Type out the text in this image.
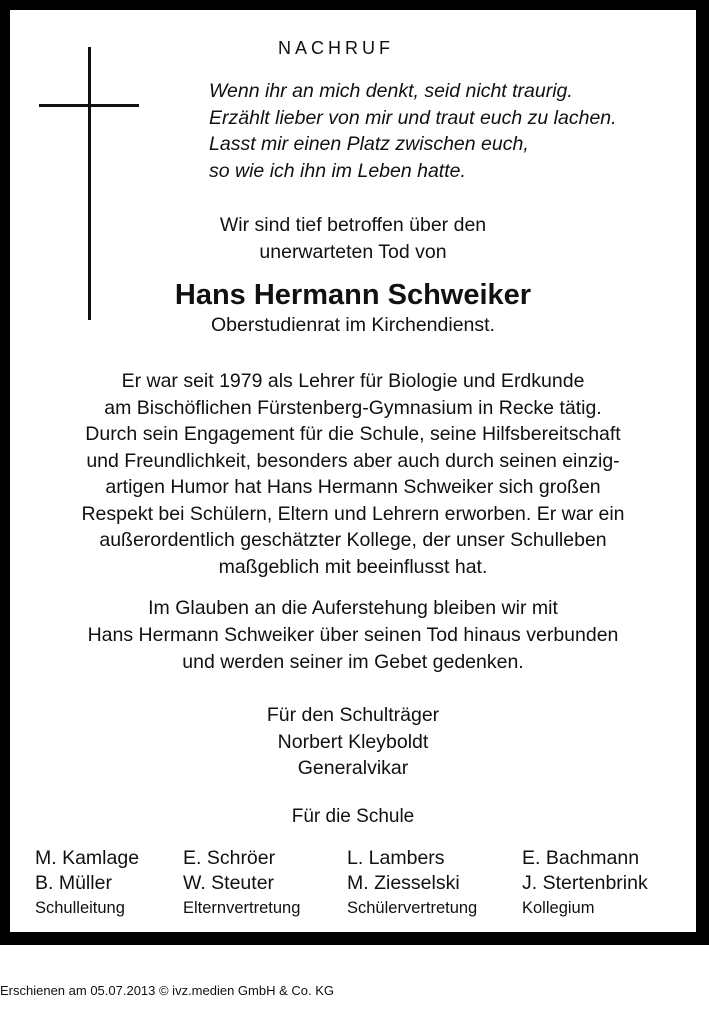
NACHRUF
Wenn ihr an mich denkt, seid nicht traurig.
Erzählt lieber von mir und traut euch zu lachen.
Lasst mir einen Platz zwischen euch,
so wie ich ihn im Leben hatte.
Wir sind tief betroffen über den
unerwarteten Tod von
Hans Hermann Schweiker
Oberstudienrat im Kirchendienst.
Er war seit 1979 als Lehrer für Biologie und Erdkunde
am Bischöflichen Fürstenberg-Gymnasium in Recke tätig.
Durch sein Engagement für die Schule, seine Hilfsbereitschaft
und Freundlichkeit, besonders aber auch durch seinen einzig-
artigen Humor hat Hans Hermann Schweiker sich großen
Respekt bei Schülern, Eltern und Lehrern erworben. Er war ein
außerordentlich geschätzter Kollege, der unser Schulleben
maßgeblich mit beeinflusst hat.
Im Glauben an die Auferstehung bleiben wir mit
Hans Hermann Schweiker über seinen Tod hinaus verbunden
und werden seiner im Gebet gedenken.
Für den Schulträger
Norbert Kleyboldt
Generalvikar
Für die Schule
M. Kamlage
B. Müller
Schulleitung
E. Schröer
W. Steuter
Elternvertretung
L. Lambers
M. Ziesselski
Schülervertretung
E. Bachmann
J. Stertenbrink
Kollegium
Erschienen am 05.07.2013 © ivz.medien GmbH & Co. KG
